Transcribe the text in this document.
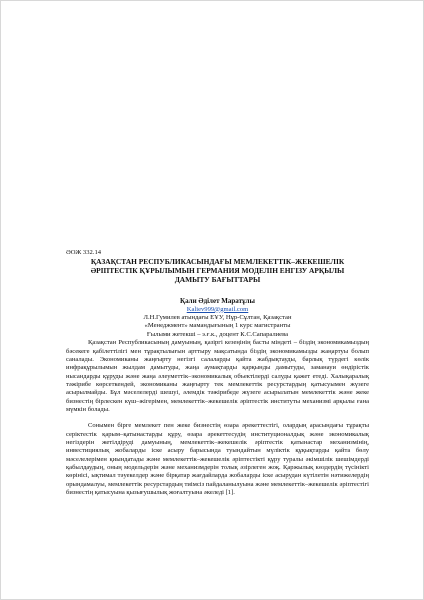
ӘОЖ 332.14

ҚАЗАҚСТАН РЕСПУБЛИКАСЫНДАҒЫ МЕМЛЕКЕТТІК–ЖЕКЕШЕЛІК
ӘРІПТЕСТІК ҚҰРЫЛЫМЫН ГЕРМАНИЯ МОДЕЛІН ЕНГІЗУ АРҚЫЛЫ
ДАМЫТУ БАҒЫТТАРЫ

Қали Әділет Маратұлы

Kaliev999@gmail.com

Л.Н.Гумилев атындағы ЕҰУ, Нұр-Сұлтан, Қазақстан

«Менеджмент» мамандығының 1 курс магистранты

Ғылыми жетекші – э.ғ.к., доцент К.С.Сапаралиева

Қазақстан Республикасының дамуының, қазіргі кезеңінің басты міндеті – біздің экономикамыздың бәсекеге қабілеттілігі мен тұрақтылығын арттыру мақсатында біздің экономикамызды жаңартуы болып саналады. Экономиканы жаңғырту негізгі салаларды қайта жабдықтауды, барлық түрдегі көлік инфрақұрылымын жылдам дамытуды, жаңа аумақтарды қарқынды дамытуды, заманауи өндірістік нысандарды құруды және жаңа әлеуметтік–экономикалық объектілерді салуды қажет етеді. Халықаралық тәжірибе көрсеткендей, экономиканы жаңғырту тек мемлекеттік ресурстардың қатысуымен жүзеге асырылмайды. Бұл мәселелерді шешуі, әлемдік тәжірибеде жүзеге асырылатын мемлекеттік және жеке бизнестің бірлескен күш–жігерімен, мемлекеттік–жекешелік әріптестік институты механизмі арқылы ғана мүмкін болады.

Сонымен бірге мемлекет пен жеке бизнестің өзара әрекеттестігі, олардың арасындағы тұрақты серіктестік қарым–қатынастарды құру, өзара әрекеттесудің институционалдық және экономикалық негіздерін жетілдіруді дамуының, мемлекеттік–жекешелік әріптестік қатынастар механизмінің, инвестициялық жобаларды іске асыру барысында туындайтын мүліктік құқықтарды қайта бөлу мәселелерімен қиындатады және мемлекеттік–жекешелік әріптестікті құру туралы әкімшілік шешімдерді қабылдаудың, оның модельдерін және механизмдерін толық әзірлеген жоқ. Қаржылық көздердің түсінікті көрінісі, ықтимал тәуекелдер және бірқатар жағдайларда жобаларды іске асырудан күтілетін нәтижелердің орындамалуы, мемлекеттік ресурстардың тиімсіз пайдаланылуына және мемлекеттік–жекешелік әріптестігі бизнестің қатысуына қызығушылық жоғалтуына әкеледі [1].
